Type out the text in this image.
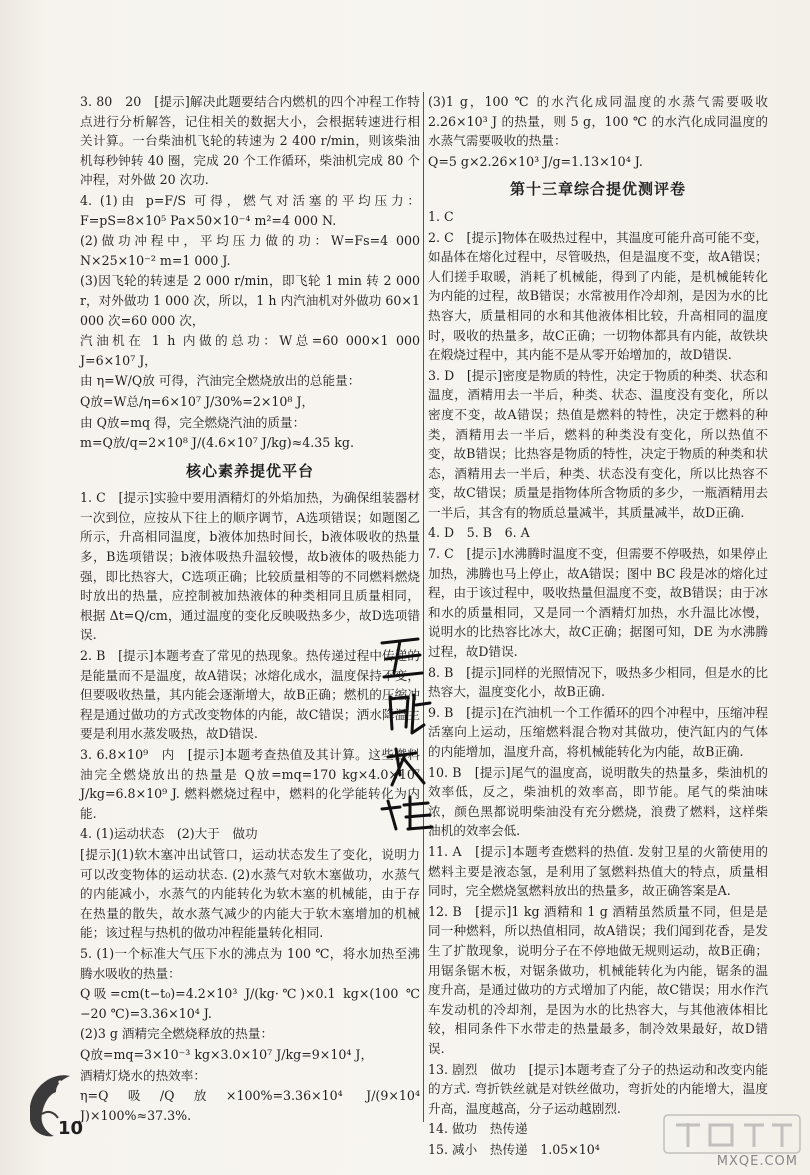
3. 80　20　[提示]解决此题要结合内燃机的四个冲程工作特点进行分析解答，记住相关的数据大小，会根据转速进行相关计算。一台柴油机飞轮的转速为 2 400 r/min，则该柴油机每秒钟转 40 圈，完成 20 个工作循环，柴油机完成 80 个冲程，对外做 20 次功.

4. (1)由 p=F/S 可得，燃气对活塞的平均压力：F=pS=8×10⁵ Pa×50×10⁻⁴ m²=4 000 N.

(2)做功冲程中，平均压力做的功：W=Fs=4 000 N×25×10⁻² m=1 000 J.

(3)因飞轮的转速是 2 000 r/min，即飞轮 1 min 转 2 000 r，对外做功 1 000 次，所以，1 h 内汽油机对外做功 60×1 000 次=60 000 次，

汽油机在 1 h 内做的总功：W总=60 000×1 000 J=6×10⁷ J，

由 η=W/Q放 可得，汽油完全燃烧放出的总能量：

Q放=W总/η=6×10⁷ J/30%=2×10⁸ J，

由 Q放=mq 得，完全燃烧汽油的质量：

m=Q放/q=2×10⁸ J/(4.6×10⁷ J/kg)≈4.35 kg.

核心素养提优平台

1. C　[提示]实验中要用酒精灯的外焰加热，为确保组装器材一次到位，应按从下往上的顺序调节，A选项错误；如题图乙所示，升高相同温度，b液体加热时间长，b液体吸收的热量多，B选项错误；b液体吸热升温较慢，故b液体的吸热能力强，即比热容大，C选项正确；比较质量相等的不同燃料燃烧时放出的热量，应控制被加热液体的种类相同且质量相同，根据 Δt=Q/cm，通过温度的变化反映吸热多少，故D选项错误.

2. B　[提示]本题考查了常见的热现象。热传递过程中传递的是能量而不是温度，故A错误；冰熔化成水，温度保持不变，但要吸收热量，其内能会逐渐增大，故B正确；燃机的压缩冲程是通过做功的方式改变物体的内能，故C错误；洒水降温主要是利用水蒸发吸热，故D错误.

3. 6.8×10⁹　内　[提示]本题考查热值及其计算。这些燃料油完全燃烧放出的热量是 Q放=mq=170 kg×4.0×10⁷ J/kg=6.8×10⁹ J. 燃料燃烧过程中，燃料的化学能转化为内能.

4. (1)运动状态　(2)大于　做功

[提示](1)软木塞冲出试管口，运动状态发生了变化，说明力可以改变物体的运动状态. (2)水蒸气对软木塞做功，水蒸气的内能减小，水蒸气的内能转化为软木塞的机械能，由于存在热量的散失，故水蒸气减少的内能大于软木塞增加的机械能；该过程与热机的做功冲程能量转化相同.

5. (1)一个标准大气压下水的沸点为 100 ℃，将水加热至沸腾水吸收的热量：

Q吸=cm(t−t₀)=4.2×10³ J/(kg·℃)×0.1 kg×(100 ℃−20 ℃)=3.36×10⁴ J.

(2)3 g 酒精完全燃烧释放的热量：

Q放=mq=3×10⁻³ kg×3.0×10⁷ J/kg=9×10⁴ J，

酒精灯烧水的热效率：

η=Q吸/Q放×100%=3.36×10⁴ J/(9×10⁴ J)×100%≈37.3%.

(3)1 g，100 ℃ 的水汽化成同温度的水蒸气需要吸收 2.26×10³ J 的热量，则 5 g，100 ℃ 的水汽化成同温度的水蒸气需要吸收的热量：

Q=5 g×2.26×10³ J/g=1.13×10⁴ J.

第十三章综合提优测评卷

1. C

2. C　[提示]物体在吸热过程中，其温度可能升高可能不变，如晶体在熔化过程中，尽管吸热，但是温度不变，故A错误；人们搓手取暖，消耗了机械能，得到了内能，是机械能转化为内能的过程，故B错误；水常被用作冷却剂，是因为水的比热容大，质量相同的水和其他液体相比较，升高相同的温度时，吸收的热量多，故C正确；一切物体都具有内能，故铁块在煅烧过程中，其内能不是从零开始增加的，故D错误.

3. D　[提示]密度是物质的特性，决定于物质的种类、状态和温度，酒精用去一半后，种类、状态、温度没有变化，所以密度不变，故A错误；热值是燃料的特性，决定于燃料的种类，酒精用去一半后，燃料的种类没有变化，所以热值不变，故B错误；比热容是物质的特性，决定于物质的种类和状态，酒精用去一半后，种类、状态没有变化，所以比热容不变，故C错误；质量是指物体所含物质的多少，一瓶酒精用去一半后，其含有的物质总量减半，其质量减半，故D正确.

4. D　5. B　6. A

7. C　[提示]水沸腾时温度不变，但需要不停吸热，如果停止加热，沸腾也马上停止，故A错误；图中 BC 段是冰的熔化过程，由于该过程中，吸收热量但温度不变，故B错误；由于冰和水的质量相同，又是同一个酒精灯加热，水升温比冰慢，说明水的比热容比冰大，故C正确；据图可知，DE 为水沸腾过程，故D错误.

8. B　[提示]同样的光照情况下，吸热多少相同，但是水的比热容大，温度变化小，故B正确.

9. B　[提示]在汽油机一个工作循环的四个冲程中，压缩冲程活塞向上运动，压缩燃料混合物对其做功，使汽缸内的气体的内能增加，温度升高，将机械能转化为内能，故B正确.

10. B　[提示]尾气的温度高，说明散失的热量多，柴油机的效率低，反之，柴油机的效率高，即节能。尾气的柴油味浓，颜色黑都说明柴油没有充分燃烧，浪费了燃料，这样柴油机的效率会低.

11. A　[提示]本题考查燃料的热值. 发射卫星的火箭使用的燃料主要是液态氢，是利用了氢燃料热值大的特点，质量相同时，完全燃烧氢燃料放出的热量多，故正确答案是A.

12. B　[提示]1 kg 酒精和 1 g 酒精虽然质量不同，但是是同一种燃料，所以热值相同，故A错误；我们闻到花香，是发生了扩散现象，说明分子在不停地做无规则运动，故B正确；用锯条锯木板，对锯条做功，机械能转化为内能，锯条的温度升高，是通过做功的方式增加了内能，故C错误；用水作汽车发动机的冷却剂，是因为水的比热容大，与其他液体相比较，相同条件下水带走的热量最多，制冷效果最好，故D错误.

13. 剧烈　做功　[提示]本题考查了分子的热运动和改变内能的方式. 弯折铁丝就是对铁丝做功，弯折处的内能增大，温度升高，温度越高，分子运动越剧烈.

14. 做功　热传递

15. 减小　热传递　1.05×10⁴

10
MXQE.COM
